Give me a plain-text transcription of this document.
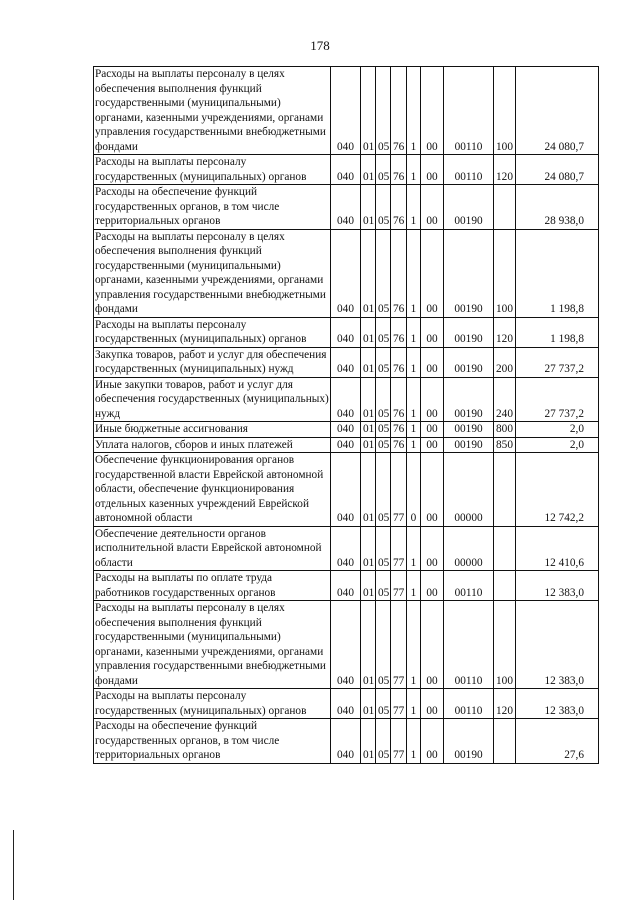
178
Расходы на выплаты персоналу в целях обеспечения выполнения функций государственными (муниципальными) органами, казенными учреждениями, органами управления государственными внебюджетными фондами	040	01	05	76	1	00	00110	100	24 080,7
Расходы на выплаты персоналу государственных (муниципальных) органов	040	01	05	76	1	00	00110	120	24 080,7
Расходы на обеспечение функций государственных органов, в том числе территориальных органов	040	01	05	76	1	00	00190		28 938,0
Расходы на выплаты персоналу в целях обеспечения выполнения функций государственными (муниципальными) органами, казенными учреждениями, органами управления государственными внебюджетными фондами	040	01	05	76	1	00	00190	100	1 198,8
Расходы на выплаты персоналу государственных (муниципальных) органов	040	01	05	76	1	00	00190	120	1 198,8
Закупка товаров, работ и услуг для обеспечения государственных (муниципальных) нужд	040	01	05	76	1	00	00190	200	27 737,2
Иные закупки товаров, работ и услуг для обеспечения государственных (муниципальных) нужд	040	01	05	76	1	00	00190	240	27 737,2
Иные бюджетные ассигнования	040	01	05	76	1	00	00190	800	2,0
Уплата налогов, сборов и иных платежей	040	01	05	76	1	00	00190	850	2,0
Обеспечение функционирования органов государственной власти Еврейской автономной области, обеспечение функционирования отдельных казенных учреждений Еврейской автономной области	040	01	05	77	0	00	00000		12 742,2
Обеспечение деятельности органов исполнительной власти Еврейской автономной области	040	01	05	77	1	00	00000		12 410,6
Расходы на выплаты по оплате труда работников государственных органов	040	01	05	77	1	00	00110		12 383,0
Расходы на выплаты персоналу в целях обеспечения выполнения функций государственными (муниципальными) органами, казенными учреждениями, органами управления государственными внебюджетными фондами	040	01	05	77	1	00	00110	100	12 383,0
Расходы на выплаты персоналу государственных (муниципальных) органов	040	01	05	77	1	00	00110	120	12 383,0
Расходы на обеспечение функций государственных органов, в том числе территориальных органов	040	01	05	77	1	00	00190		27,6
